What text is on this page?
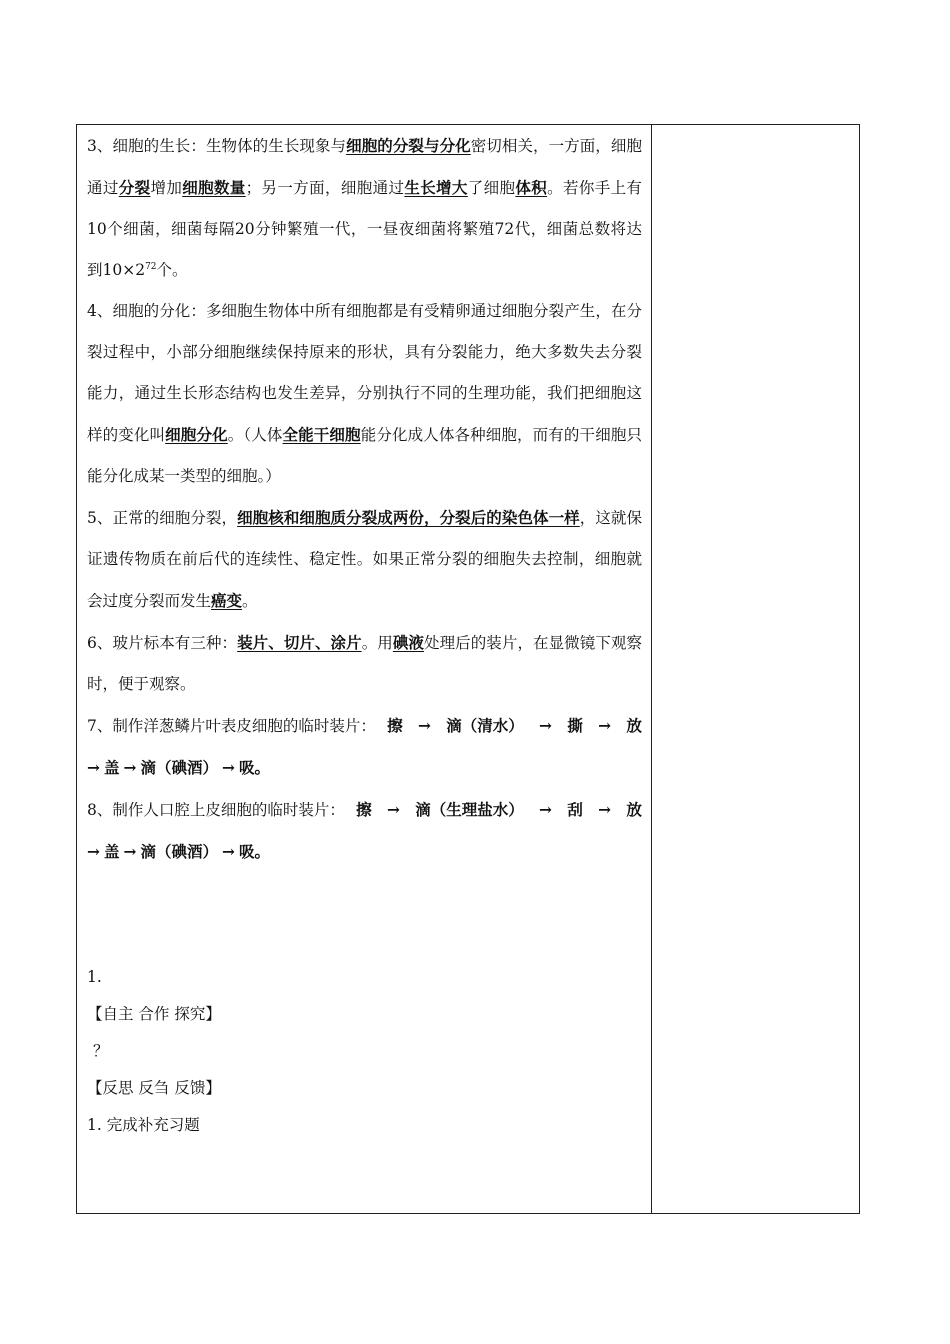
3、细胞的生长：生物体的生长现象与细胞的分裂与分化密切相关，一方面，细胞通过分裂增加细胞数量；另一方面，细胞通过生长增大了细胞体积。若你手上有10个细菌，细菌每隔20分钟繁殖一代，一昼夜细菌将繁殖72代，细菌总数将达到$10\times 2^{72}$个。

4、细胞的分化：多细胞生物体中所有细胞都是有受精卵通过细胞分裂产生，在分裂过程中，小部分细胞继续保持原来的形状，具有分裂能力，绝大多数失去分裂能力，通过生长形态结构也发生差异，分别执行不同的生理功能，我们把细胞这样的变化叫细胞分化。（人体全能干细胞能分化成人体各种细胞，而有的干细胞只能分化成某一类型的细胞。）

5、正常的细胞分裂，细胞核和细胞质分裂成两份，分裂后的染色体一样，这就保证遗传物质在前后代的连续性、稳定性。如果正常分裂的细胞失去控制，细胞就会过度分裂而发生癌变。

6、玻片标本有三种：装片、切片、涂片。用碘液处理后的装片，在显微镜下观察时，便于观察。

7、制作洋葱鳞片叶表皮细胞的临时装片： 擦 → 滴（清水） → 撕 → 放

→ 盖 → 滴（碘酒） → 吸。

8、制作人口腔上皮细胞的临时装片： 擦 → 滴（生理盐水） → 刮 → 放

→ 盖 → 滴（碘酒） → 吸。

1.

【自主 合作 探究】

？

【反思 反刍 反馈】

1. 完成补充习题
